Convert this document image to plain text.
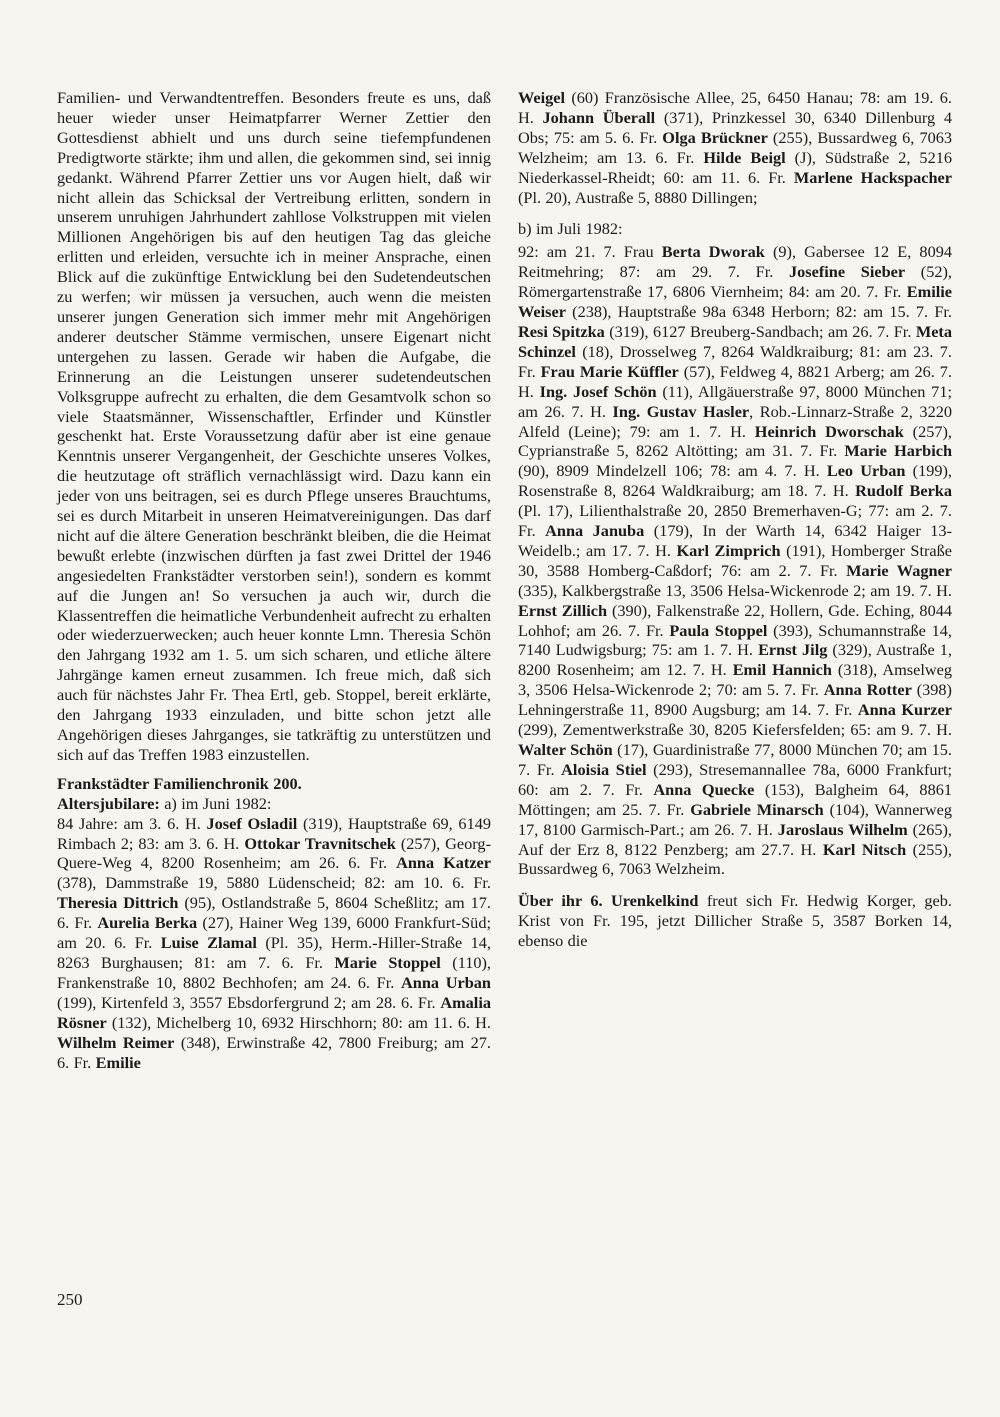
Familien- und Verwandtentreffen. Besonders freute es uns, daß heuer wieder unser Heimatpfarrer Werner Zettier den Gottesdienst abhielt und uns durch seine tiefempfundenen Predigtworte stärkte; ihm und allen, die gekommen sind, sei innig gedankt. Während Pfarrer Zettier uns vor Augen hielt, daß wir nicht allein das Schicksal der Vertreibung erlitten, sondern in unserem unruhigen Jahrhundert zahllose Volkstruppen mit vielen Millionen Angehörigen bis auf den heutigen Tag das gleiche erlitten und erleiden, versuchte ich in meiner Ansprache, einen Blick auf die zukünftige Entwicklung bei den Sudetendeutschen zu werfen; wir müssen ja versuchen, auch wenn die meisten unserer jungen Generation sich immer mehr mit Angehörigen anderer deutscher Stämme vermischen, unsere Eigenart nicht untergehen zu lassen. Gerade wir haben die Aufgabe, die Erinnerung an die Leistungen unserer sudetendeutschen Volksgruppe aufrecht zu erhalten, die dem Gesamtvolk schon so viele Staatsmänner, Wissenschaftler, Erfinder und Künstler geschenkt hat. Erste Voraussetzung dafür aber ist eine genaue Kenntnis unserer Vergangenheit, der Geschichte unseres Volkes, die heutzutage oft sträflich vernachlässigt wird. Dazu kann ein jeder von uns beitragen, sei es durch Pflege unseres Brauchtums, sei es durch Mitarbeit in unseren Heimatvereinigungen. Das darf nicht auf die ältere Generation beschränkt bleiben, die die Heimat bewußt erlebte (inzwischen dürften ja fast zwei Drittel der 1946 angesiedelten Frankstädter verstorben sein!), sondern es kommt auf die Jungen an! So versuchen ja auch wir, durch die Klassentreffen die heimatliche Verbundenheit aufrecht zu erhalten oder wiederzuerwecken; auch heuer konnte Lmn. Theresia Schön den Jahrgang 1932 am 1. 5. um sich scharen, und etliche ältere Jahrgänge kamen erneut zusammen. Ich freue mich, daß sich auch für nächstes Jahr Fr. Thea Ertl, geb. Stoppel, bereit erklärte, den Jahrgang 1933 einzuladen, und bitte schon jetzt alle Angehörigen dieses Jahrganges, sie tatkräftig zu unterstützen und sich auf das Treffen 1983 einzustellen.

Frankstädter Familienchronik 200.

Altersjubilare: a) im Juni 1982:

84 Jahre: am 3. 6. H. Josef Osladil (319), Hauptstraße 69, 6149 Rimbach 2; 83: am 3. 6. H. Ottokar Travnitschek (257), Georg-Quere-Weg 4, 8200 Rosenheim; am 26. 6. Fr. Anna Katzer (378), Dammstraße 19, 5880 Lüdenscheid; 82: am 10. 6. Fr. Theresia Dittrich (95), Ostlandstraße 5, 8604 Scheßlitz; am 17. 6. Fr. Aurelia Berka (27), Hainer Weg 139, 6000 Frankfurt-Süd; am 20. 6. Fr. Luise Zlamal (Pl. 35), Herm.-Hiller-Straße 14, 8263 Burghausen; 81: am 7. 6. Fr. Marie Stoppel (110), Frankenstraße 10, 8802 Bechhofen; am 24. 6. Fr. Anna Urban (199), Kirtenfeld 3, 3557 Ebsdorfergrund 2; am 28. 6. Fr. Amalia Rösner (132), Michelberg 10, 6932 Hirschhorn; 80: am 11. 6. H. Wilhelm Reimer (348), Erwinstraße 42, 7800 Freiburg; am 27. 6. Fr. Emilie

Weigel (60) Französische Allee, 25, 6450 Hanau; 78: am 19. 6. H. Johann Überall (371), Prinzkessel 30, 6340 Dillenburg 4 Obs; 75: am 5. 6. Fr. Olga Brückner (255), Bussardweg 6, 7063 Welzheim; am 13. 6. Fr. Hilde Beigl (J), Südstraße 2, 5216 Niederkassel-Rheidt; 60: am 11. 6. Fr. Marlene Hackspacher (Pl. 20), Austraße 5, 8880 Dillingen;

b) im Juli 1982:

92: am 21. 7. Frau Berta Dworak (9), Gabersee 12 E, 8094 Reitmehring; 87: am 29. 7. Fr. Josefine Sieber (52), Römergartenstraße 17, 6806 Viernheim; 84: am 20. 7. Fr. Emilie Weiser (238), Hauptstraße 98a 6348 Herborn; 82: am 15. 7. Fr. Resi Spitzka (319), 6127 Breuberg-Sandbach; am 26. 7. Fr. Meta Schinzel (18), Drosselweg 7, 8264 Waldkraiburg; 81: am 23. 7. Fr. Frau Marie Küffler (57), Feldweg 4, 8821 Arberg; am 26. 7. H. Ing. Josef Schön (11), Allgäuerstraße 97, 8000 München 71; am 26. 7. H. Ing. Gustav Hasler, Rob.-Linnarz-Straße 2, 3220 Alfeld (Leine); 79: am 1. 7. H. Heinrich Dworschak (257), Cyprianstraße 5, 8262 Altötting; am 31. 7. Fr. Marie Harbich (90), 8909 Mindelzell 106; 78: am 4. 7. H. Leo Urban (199), Rosenstraße 8, 8264 Waldkraiburg; am 18. 7. H. Rudolf Berka (Pl. 17), Lilienthalstraße 20, 2850 Bremerhaven-G; 77: am 2. 7. Fr. Anna Januba (179), In der Warth 14, 6342 Haiger 13-Weidelb.; am 17. 7. H. Karl Zimprich (191), Homberger Straße 30, 3588 Homberg-Caßdorf; 76: am 2. 7. Fr. Marie Wagner (335), Kalkbergstraße 13, 3506 Helsa-Wickenrode 2; am 19. 7. H. Ernst Zillich (390), Falkenstraße 22, Hollern, Gde. Eching, 8044 Lohhof; am 26. 7. Fr. Paula Stoppel (393), Schumannstraße 14, 7140 Ludwigsburg; 75: am 1. 7. H. Ernst Jilg (329), Austraße 1, 8200 Rosenheim; am 12. 7. H. Emil Hannich (318), Amselweg 3, 3506 Helsa-Wickenrode 2; 70: am 5. 7. Fr. Anna Rotter (398) Lehningerstraße 11, 8900 Augsburg; am 14. 7. Fr. Anna Kurzer (299), Zementwerkstraße 30, 8205 Kiefersfelden; 65: am 9. 7. H. Walter Schön (17), Guardinistraße 77, 8000 München 70; am 15. 7. Fr. Aloisia Stiel (293), Stresemannallee 78a, 6000 Frankfurt; 60: am 2. 7. Fr. Anna Quecke (153), Balgheim 64, 8861 Möttingen; am 25. 7. Fr. Gabriele Minarsch (104), Wannerweg 17, 8100 Garmisch-Part.; am 26. 7. H. Jaroslaus Wilhelm (265), Auf der Erz 8, 8122 Penzberg; am 27.7. H. Karl Nitsch (255), Bussardweg 6, 7063 Welzheim.

Über ihr 6. Urenkelkind freut sich Fr. Hedwig Korger, geb. Krist von Fr. 195, jetzt Dillicher Straße 5, 3587 Borken 14, ebenso die

250
